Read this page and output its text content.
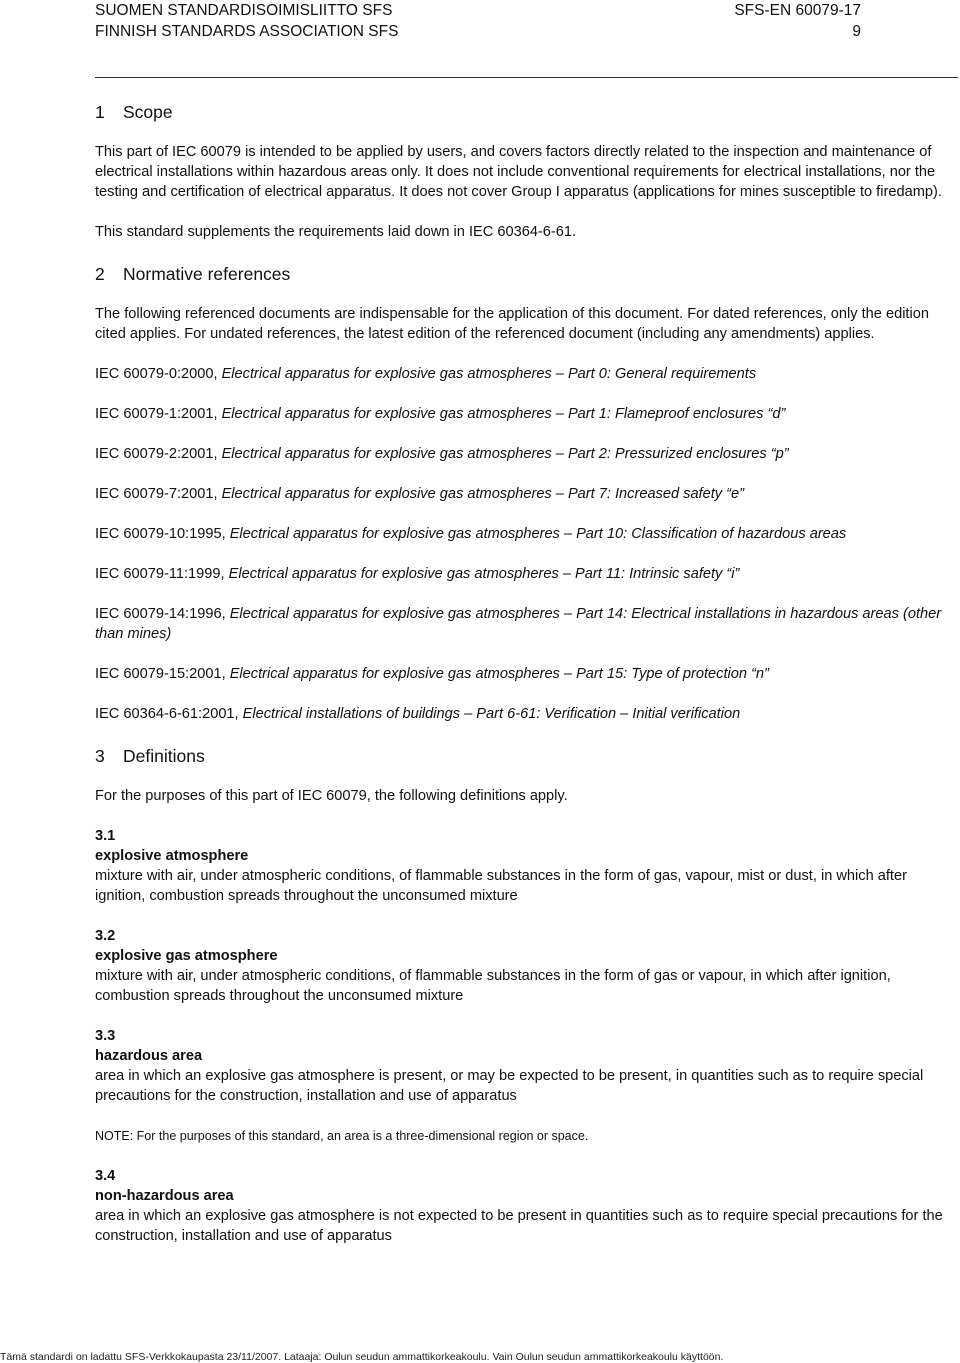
SUOMEN STANDARDISOIMISLIITTO SFS	SFS-EN 60079-17
FINNISH STANDARDS ASSOCIATION SFS	9
1 Scope

This part of IEC 60079 is intended to be applied by users, and covers factors directly related to the inspection and maintenance of electrical installations within hazardous areas only. It does not include conventional requirements for electrical installations, nor the testing and certification of electrical apparatus. It does not cover Group I apparatus (applications for mines susceptible to firedamp).

This standard supplements the requirements laid down in IEC 60364-6-61.

2 Normative references

The following referenced documents are indispensable for the application of this document. For dated references, only the edition cited applies. For undated references, the latest edition of the referenced document (including any amendments) applies.

IEC 60079-0:2000, Electrical apparatus for explosive gas atmospheres – Part 0: General requirements
IEC 60079-1:2001, Electrical apparatus for explosive gas atmospheres – Part 1: Flameproof enclosures “d”
IEC 60079-2:2001, Electrical apparatus for explosive gas atmospheres – Part 2: Pressurized enclosures “p”
IEC 60079-7:2001, Electrical apparatus for explosive gas atmospheres – Part 7: Increased safety “e”
IEC 60079-10:1995, Electrical apparatus for explosive gas atmospheres – Part 10: Classification of hazardous areas
IEC 60079-11:1999, Electrical apparatus for explosive gas atmospheres – Part 11: Intrinsic safety “i”
IEC 60079-14:1996, Electrical apparatus for explosive gas atmospheres – Part 14: Electrical installations in hazardous areas (other than mines)
IEC 60079-15:2001, Electrical apparatus for explosive gas atmospheres – Part 15: Type of protection “n”
IEC 60364-6-61:2001, Electrical installations of buildings – Part 6-61: Verification – Initial verification
3 Definitions

For the purposes of this part of IEC 60079, the following definitions apply.

3.1
explosive atmosphere
mixture with air, under atmospheric conditions, of flammable substances in the form of gas, vapour, mist or dust, in which after ignition, combustion spreads throughout the unconsumed mixture
3.2
explosive gas atmosphere
mixture with air, under atmospheric conditions, of flammable substances in the form of gas or vapour, in which after ignition, combustion spreads throughout the unconsumed mixture
3.3
hazardous area
area in which an explosive gas atmosphere is present, or may be expected to be present, in quantities such as to require special precautions for the construction, installation and use of apparatus
NOTE: For the purposes of this standard, an area is a three-dimensional region or space.
3.4
non-hazardous area
area in which an explosive gas atmosphere is not expected to be present in quantities such as to require special precautions for the construction, installation and use of apparatus
Tämä standardi on ladattu SFS-Verkkokaupasta 23/11/2007. Lataaja: Oulun seudun ammattikorkeakoulu. Vain Oulun seudun ammattikorkeakoulu käyttöön.
